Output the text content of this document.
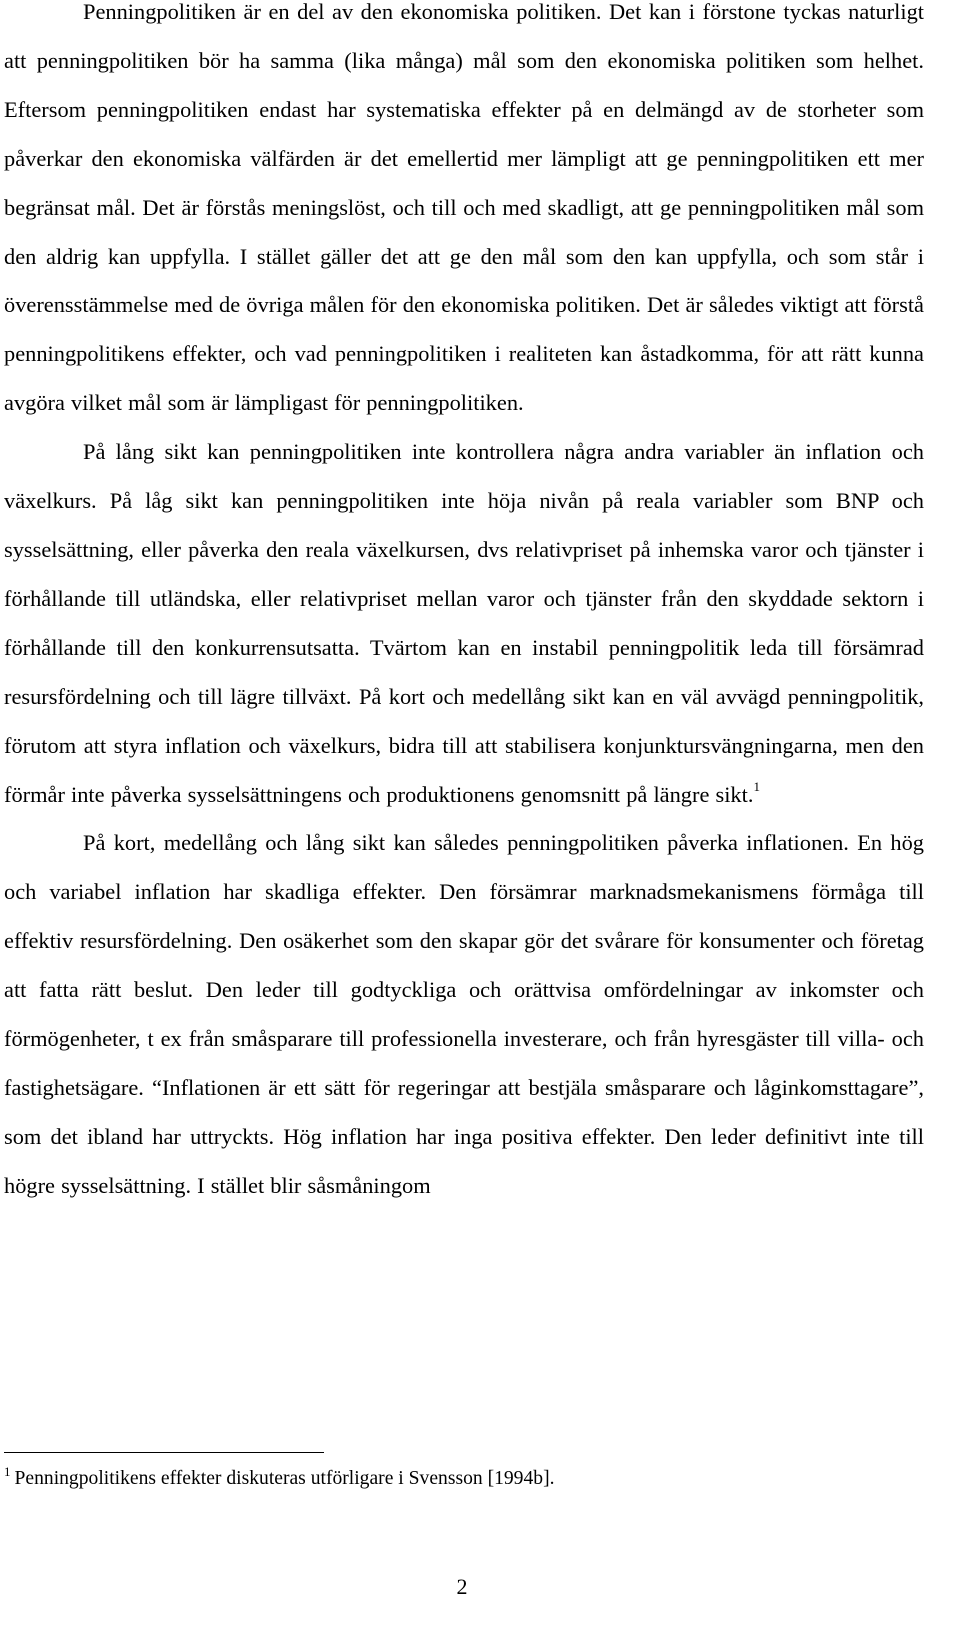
Penningpolitiken är en del av den ekonomiska politiken. Det kan i förstone tyckas naturligt att penningpolitiken bör ha samma (lika många) mål som den ekonomiska politiken som helhet. Eftersom penningpolitiken endast har systematiska effekter på en delmängd av de storheter som påverkar den ekonomiska välfärden är det emellertid mer lämpligt att ge penningpolitiken ett mer begränsat mål. Det är förstås meningslöst, och till och med skadligt, att ge penningpolitiken mål som den aldrig kan uppfylla. I stället gäller det att ge den mål som den kan uppfylla, och som står i överensstämmelse med de övriga målen för den ekonomiska politiken. Det är således viktigt att förstå penningpolitikens effekter, och vad penningpolitiken i realiteten kan åstadkomma, för att rätt kunna avgöra vilket mål som är lämpligast för penningpolitiken.

På lång sikt kan penningpolitiken inte kontrollera några andra variabler än inflation och växelkurs. På låg sikt kan penningpolitiken inte höja nivån på reala variabler som BNP och sysselsättning, eller påverka den reala växelkursen, dvs relativpriset på inhemska varor och tjänster i förhållande till utländska, eller relativpriset mellan varor och tjänster från den skyddade sektorn i förhållande till den konkurrensutsatta. Tvärtom kan en instabil penningpolitik leda till försämrad resursfördelning och till lägre tillväxt. På kort och medellång sikt kan en väl avvägd penningpolitik, förutom att styra inflation och växelkurs, bidra till att stabilisera konjunktursvängningarna, men den förmår inte påverka sysselsättningens och produktionens genomsnitt på längre sikt.$^1$

På kort, medellång och lång sikt kan således penningpolitiken påverka inflationen. En hög och variabel inflation har skadliga effekter. Den försämrar marknadsmekanismens förmåga till effektiv resursfördelning. Den osäkerhet som den skapar gör det svårare för konsumenter och företag att fatta rätt beslut. Den leder till godtyckliga och orättvisa omfördelningar av inkomster och förmögenheter, t ex från småsparare till professionella investerare, och från hyresgäster till villa- och fastighetsägare. “Inflationen är ett sätt för regeringar att bestjäla småsparare och låginkomsttagare”, som det ibland har uttryckts. Hög inflation har inga positiva effekter. Den leder definitivt inte till högre sysselsättning. I stället blir såsmåningom

$^1$ Penningpolitikens effekter diskuteras utförligare i Svensson [1994b].

2
